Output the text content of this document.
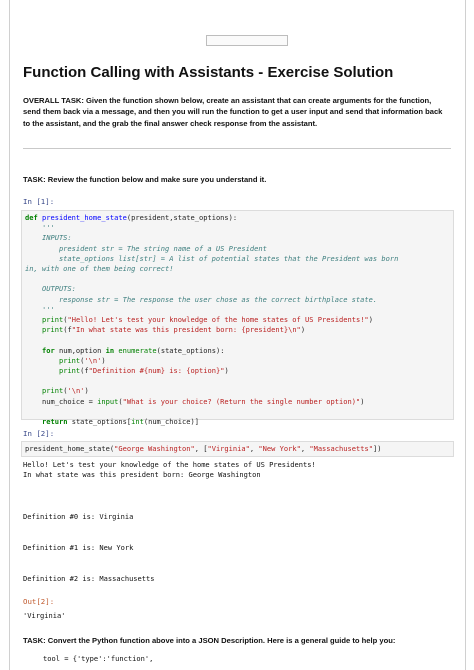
Function Calling with Assistants - Exercise Solution
OVERALL TASK: Given the function shown below, create an assistant that can create arguments for the function, send them back via a message, and then you will run the function to get a user input and send that information back to the assistant, and the grab the final answer check response from the assistant.
TASK: Review the function below and make sure you understand it.
In [1]:
def president_home_state(president,state_options):
'''
INPUTS:
president str = The string name of a US President
state_options list[str] = A list of potential states that the President was born
in, with one of them being correct!

OUTPUTS:
response str = The response the user chose as the correct birthplace state.
'''
print("Hello! Let's test your knowledge of the home states of US Presidents!")
print(f"In what state was this president born: {president}\n")

for num,option in enumerate(state_options):
print('\n')
print(f"Definition #{num} is: {option}")

print('\n')
num_choice = input("What is your choice? (Return the single number option)")

return state_options[int(num_choice)]
In [2]:
president_home_state("George Washington", ["Virginia", "New York", "Massachusetts"])
Hello! Let's test your knowledge of the home states of US Presidents!
In what state was this president born: George Washington

Definition #0 is: Virginia

Definition #1 is: New York

Definition #2 is: Massachusetts
Out[2]:
'Virginia'
TASK: Convert the Python function above into a JSON Description. Here is a general guide to help you:
tool = {'type':'function',
